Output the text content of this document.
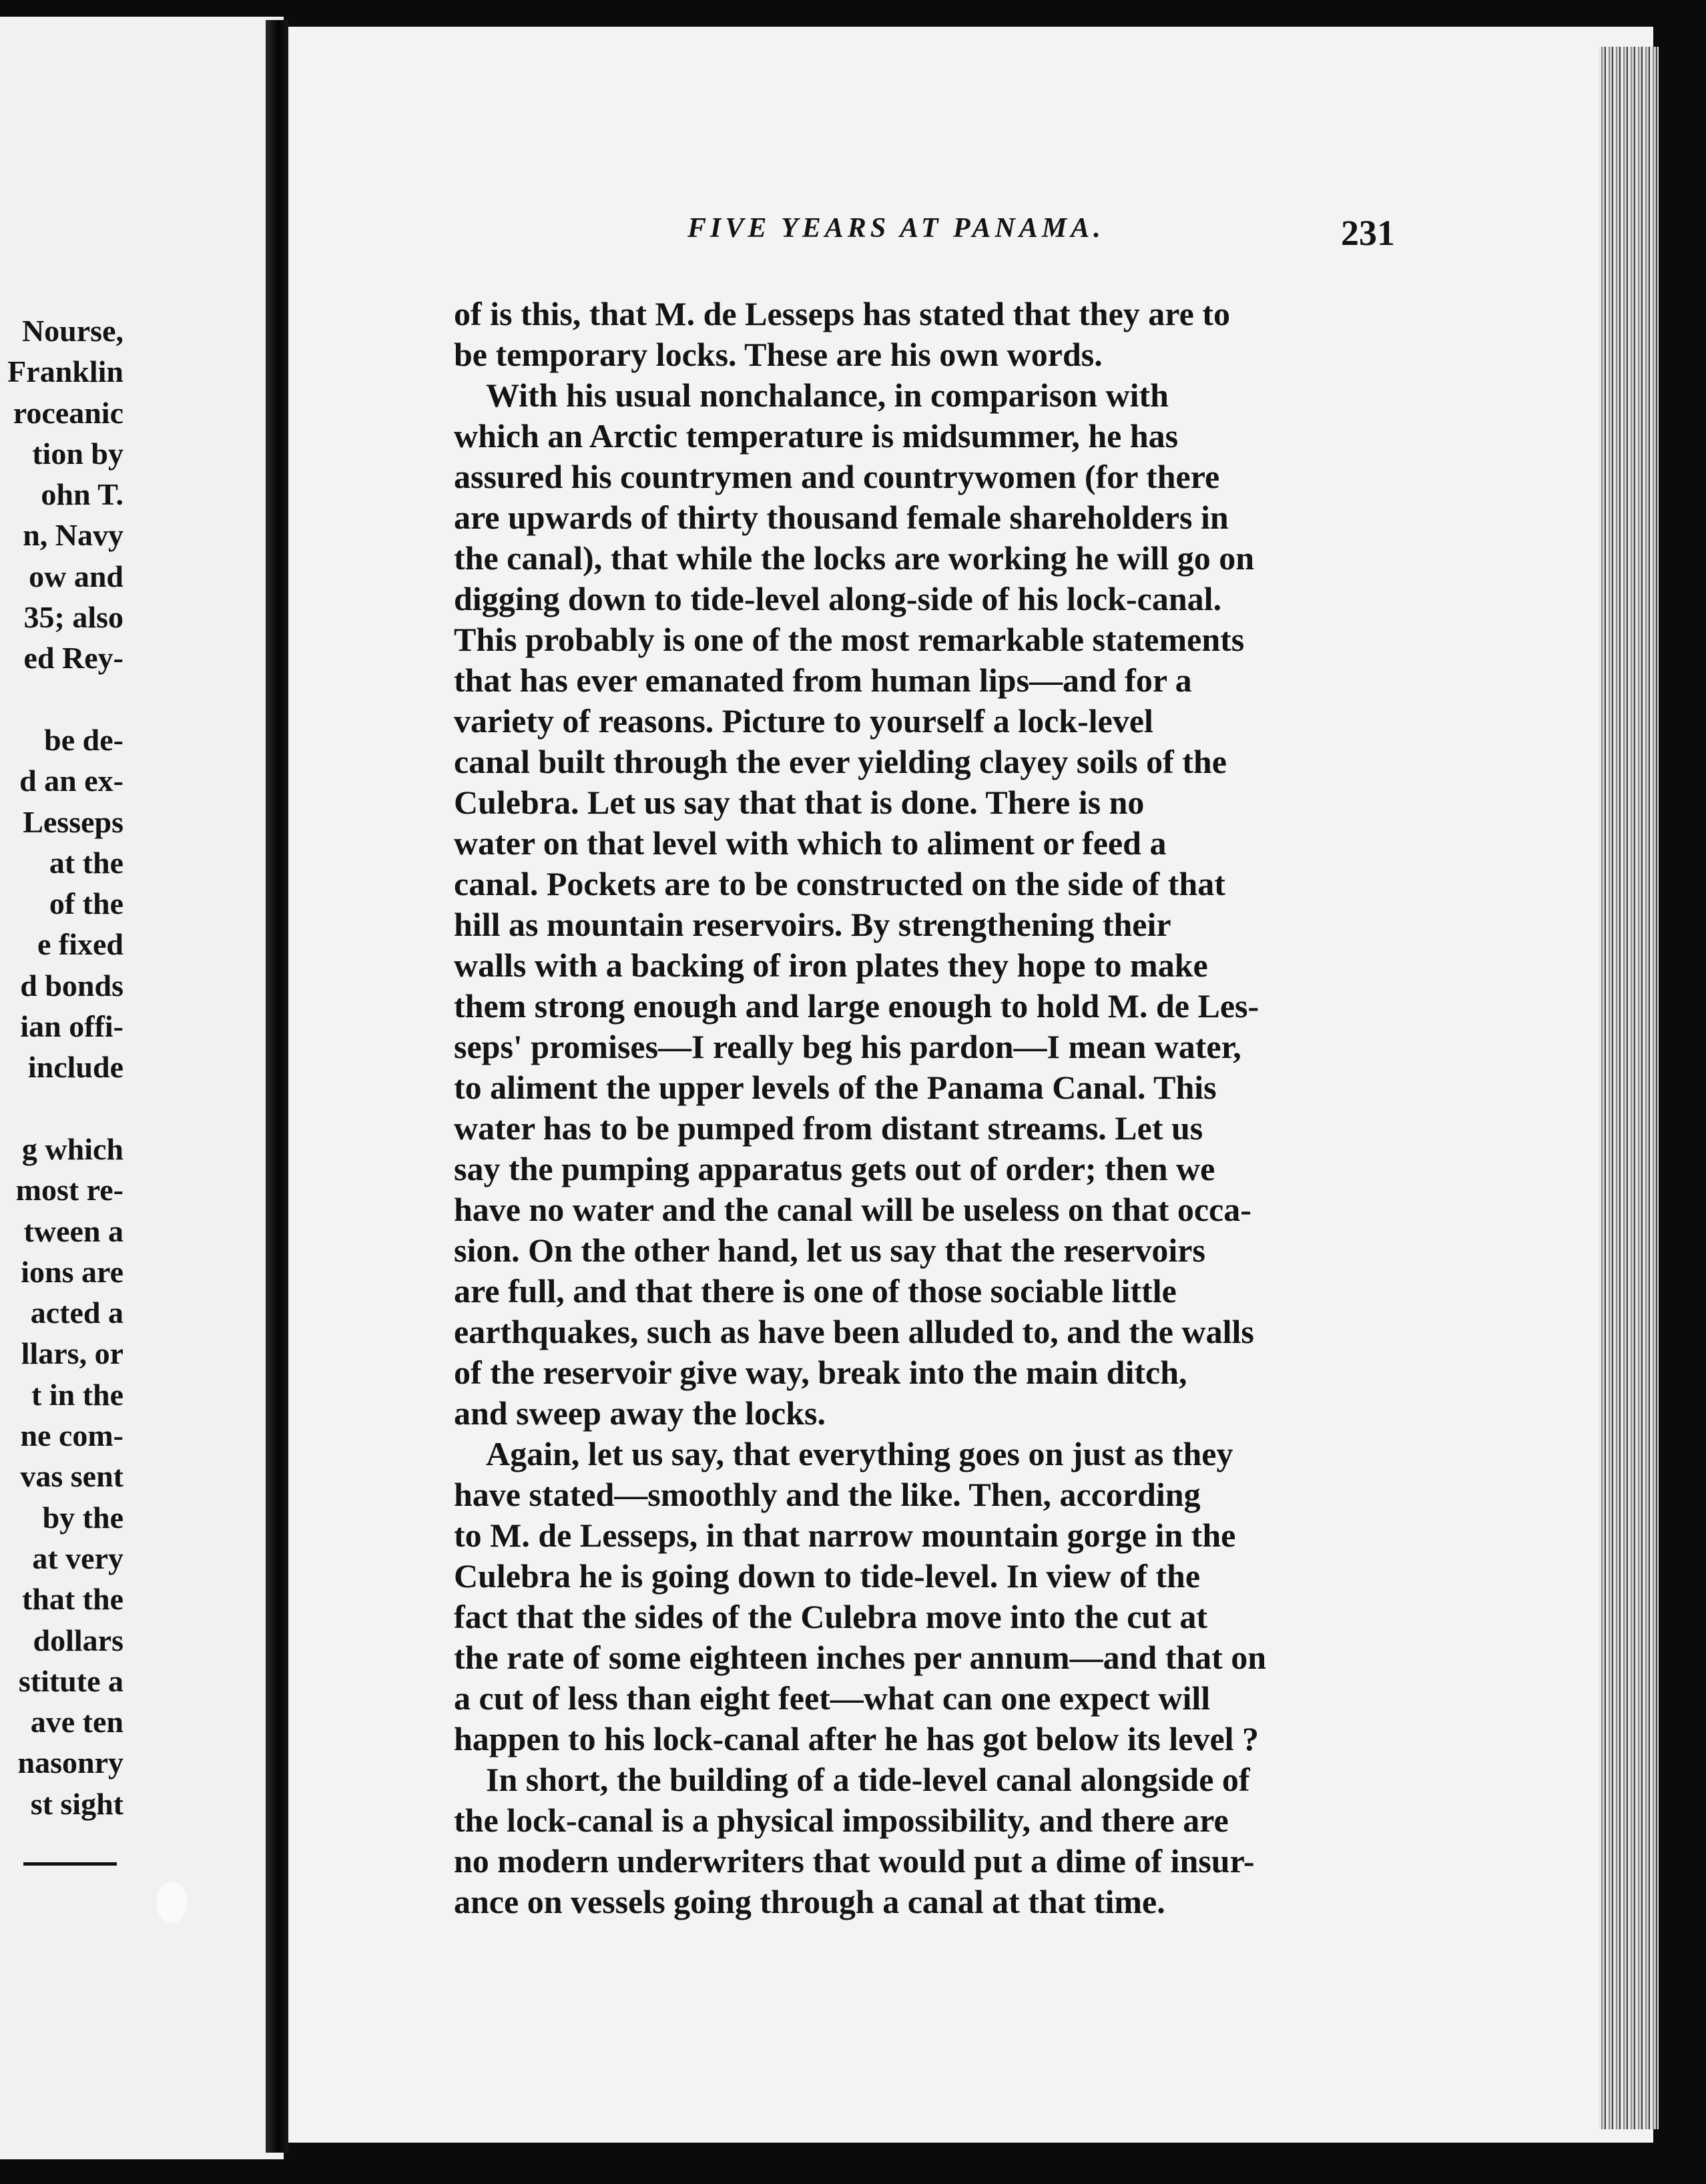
Nourse,
Franklin
roceanic
tion by
ohn T.
n, Navy
ow and
35; also
ed Rey-
be de-
d an ex-
Lesseps
at the
of the
e fixed
d bonds
ian offi-
include
g which
most re-
tween a
ions are
acted a
llars, or
t in the
ne com-
vas sent
by the
at very
that the
dollars
stitute a
ave ten
nasonry
st sight
FIVE YEARS AT PANAMA.	231
of is this, that M. de Lesseps has stated that they are to
be temporary locks. These are his own words.
With his usual nonchalance, in comparison with
which an Arctic temperature is midsummer, he has
assured his countrymen and countrywomen (for there
are upwards of thirty thousand female shareholders in
the canal), that while the locks are working he will go on
digging down to tide-level along-side of his lock-canal.
This probably is one of the most remarkable statements
that has ever emanated from human lips—and for a
variety of reasons. Picture to yourself a lock-level
canal built through the ever yielding clayey soils of the
Culebra. Let us say that that is done. There is no
water on that level with which to aliment or feed a
canal. Pockets are to be constructed on the side of that
hill as mountain reservoirs. By strengthening their
walls with a backing of iron plates they hope to make
them strong enough and large enough to hold M. de Les-
seps' promises—I really beg his pardon—I mean water,
to aliment the upper levels of the Panama Canal. This
water has to be pumped from distant streams. Let us
say the pumping apparatus gets out of order; then we
have no water and the canal will be useless on that occa-
sion. On the other hand, let us say that the reservoirs
are full, and that there is one of those sociable little
earthquakes, such as have been alluded to, and the walls
of the reservoir give way, break into the main ditch,
and sweep away the locks.
Again, let us say, that everything goes on just as they
have stated—smoothly and the like. Then, according
to M. de Lesseps, in that narrow mountain gorge in the
Culebra he is going down to tide-level. In view of the
fact that the sides of the Culebra move into the cut at
the rate of some eighteen inches per annum—and that on
a cut of less than eight feet—what can one expect will
happen to his lock-canal after he has got below its level ?
In short, the building of a tide-level canal alongside of
the lock-canal is a physical impossibility, and there are
no modern underwriters that would put a dime of insur-
ance on vessels going through a canal at that time.
